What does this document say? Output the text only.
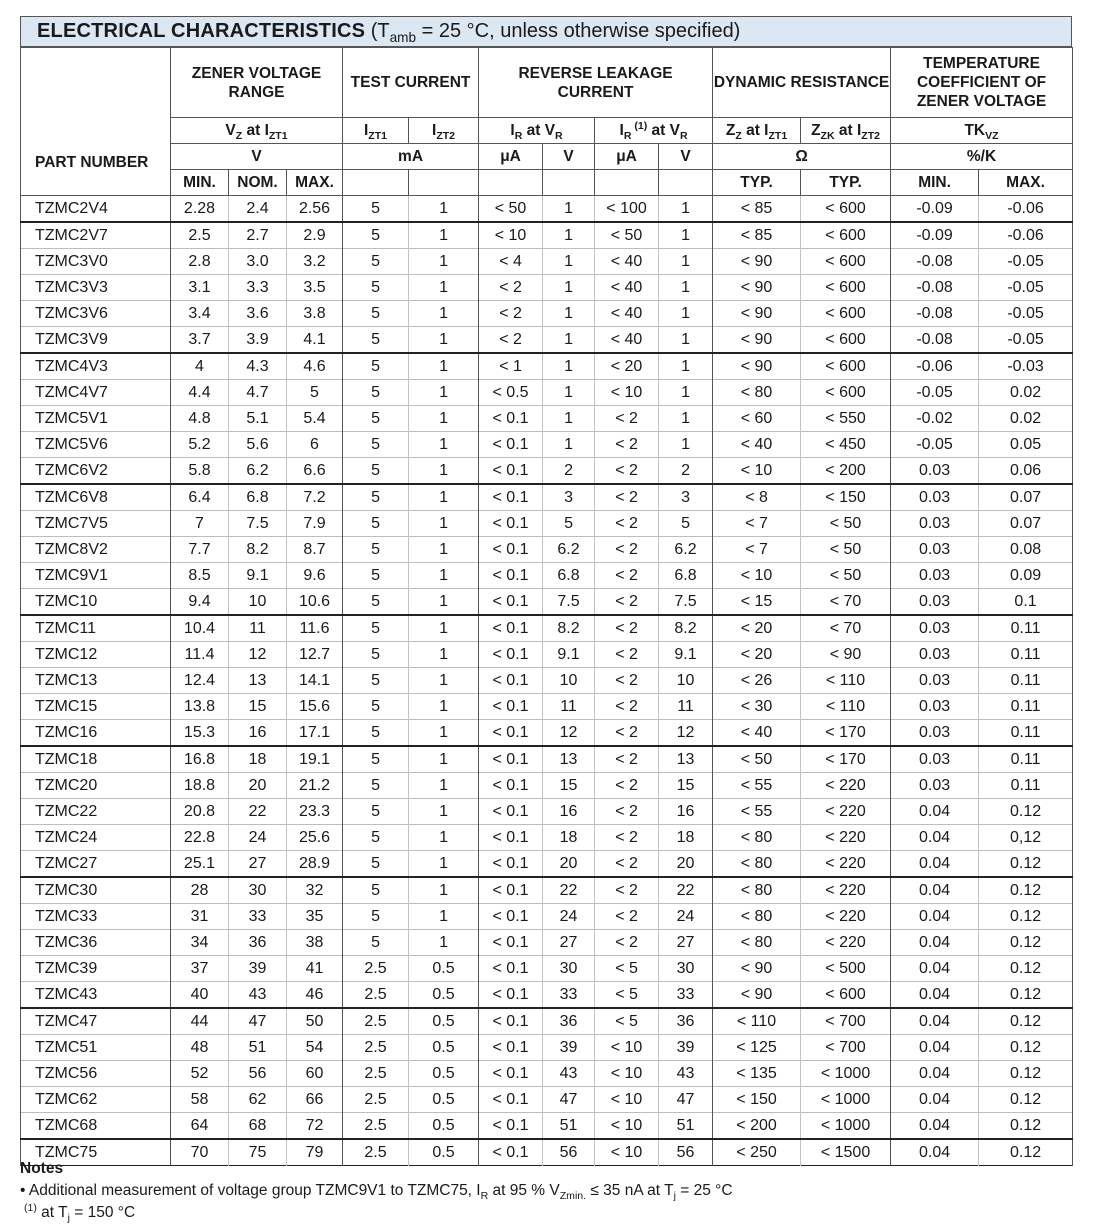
ELECTRICAL CHARACTERISTICS ($T_{amb} = 25$ °C, unless otherwise specified)
PART NUMBER	ZENER VOLTAGE RANGE			TEST CURRENT		REVERSE LEAKAGE CURRENT				DYNAMIC RESISTANCE		TEMPERATURE COEFFICIENT OF ZENER VOLTAGE	
	$V_Z$ at $I_{ZT1}$			$I_{ZT1}$	$I_{ZT2}$	$I_R$ at $V_R$		$I_R$ $^{(1)}$ at $V_R$		$Z_Z$ at $I_{ZT1}$	$Z_{ZK}$ at $I_{ZT2}$	$TK_{VZ}$
	V			mA		μA	V	μA	V	Ω		%/K	
	MIN.	NOM.	MAX.							TYP.	TYP.	MIN.	MAX.
TZMC2V4	2.28	2.4	2.56	5	1	< 50	1	< 100	1	< 85	< 600	-0.09	-0.06
TZMC2V7	2.5	2.7	2.9	5	1	< 10	1	< 50	1	< 85	< 600	-0.09	-0.06
TZMC3V0	2.8	3.0	3.2	5	1	< 4	1	< 40	1	< 90	< 600	-0.08	-0.05
TZMC3V3	3.1	3.3	3.5	5	1	< 2	1	< 40	1	< 90	< 600	-0.08	-0.05
TZMC3V6	3.4	3.6	3.8	5	1	< 2	1	< 40	1	< 90	< 600	-0.08	-0.05
TZMC3V9	3.7	3.9	4.1	5	1	< 2	1	< 40	1	< 90	< 600	-0.08	-0.05
TZMC4V3	4	4.3	4.6	5	1	< 1	1	< 20	1	< 90	< 600	-0.06	-0.03
TZMC4V7	4.4	4.7	5	5	1	< 0.5	1	< 10	1	< 80	< 600	-0.05	0.02
TZMC5V1	4.8	5.1	5.4	5	1	< 0.1	1	< 2	1	< 60	< 550	-0.02	0.02
TZMC5V6	5.2	5.6	6	5	1	< 0.1	1	< 2	1	< 40	< 450	-0.05	0.05
TZMC6V2	5.8	6.2	6.6	5	1	< 0.1	2	< 2	2	< 10	< 200	0.03	0.06
TZMC6V8	6.4	6.8	7.2	5	1	< 0.1	3	< 2	3	< 8	< 150	0.03	0.07
TZMC7V5	7	7.5	7.9	5	1	< 0.1	5	< 2	5	< 7	< 50	0.03	0.07
TZMC8V2	7.7	8.2	8.7	5	1	< 0.1	6.2	< 2	6.2	< 7	< 50	0.03	0.08
TZMC9V1	8.5	9.1	9.6	5	1	< 0.1	6.8	< 2	6.8	< 10	< 50	0.03	0.09
TZMC10	9.4	10	10.6	5	1	< 0.1	7.5	< 2	7.5	< 15	< 70	0.03	0.1
TZMC11	10.4	11	11.6	5	1	< 0.1	8.2	< 2	8.2	< 20	< 70	0.03	0.11
TZMC12	11.4	12	12.7	5	1	< 0.1	9.1	< 2	9.1	< 20	< 90	0.03	0.11
TZMC13	12.4	13	14.1	5	1	< 0.1	10	< 2	10	< 26	< 110	0.03	0.11
TZMC15	13.8	15	15.6	5	1	< 0.1	11	< 2	11	< 30	< 110	0.03	0.11
TZMC16	15.3	16	17.1	5	1	< 0.1	12	< 2	12	< 40	< 170	0.03	0.11
TZMC18	16.8	18	19.1	5	1	< 0.1	13	< 2	13	< 50	< 170	0.03	0.11
TZMC20	18.8	20	21.2	5	1	< 0.1	15	< 2	15	< 55	< 220	0.03	0.11
TZMC22	20.8	22	23.3	5	1	< 0.1	16	< 2	16	< 55	< 220	0.04	0.12
TZMC24	22.8	24	25.6	5	1	< 0.1	18	< 2	18	< 80	< 220	0.04	0,12
TZMC27	25.1	27	28.9	5	1	< 0.1	20	< 2	20	< 80	< 220	0.04	0.12
TZMC30	28	30	32	5	1	< 0.1	22	< 2	22	< 80	< 220	0.04	0.12
TZMC33	31	33	35	5	1	< 0.1	24	< 2	24	< 80	< 220	0.04	0.12
TZMC36	34	36	38	5	1	< 0.1	27	< 2	27	< 80	< 220	0.04	0.12
TZMC39	37	39	41	2.5	0.5	< 0.1	30	< 5	30	< 90	< 500	0.04	0.12
TZMC43	40	43	46	2.5	0.5	< 0.1	33	< 5	33	< 90	< 600	0.04	0.12
TZMC47	44	47	50	2.5	0.5	< 0.1	36	< 5	36	< 110	< 700	0.04	0.12
TZMC51	48	51	54	2.5	0.5	< 0.1	39	< 10	39	< 125	< 700	0.04	0.12
TZMC56	52	56	60	2.5	0.5	< 0.1	43	< 10	43	< 135	< 1000	0.04	0.12
TZMC62	58	62	66	2.5	0.5	< 0.1	47	< 10	47	< 150	< 1000	0.04	0.12
TZMC68	64	68	72	2.5	0.5	< 0.1	51	< 10	51	< 200	< 1000	0.04	0.12
TZMC75	70	75	79	2.5	0.5	< 0.1	56	< 10	56	< 250	< 1500	0.04	0.12
Notes
• Additional measurement of voltage group TZMC9V1 to TZMC75, $I_R$ at 95 % $V_{Zmin.} \le 35$ nA at $T_j = 25$ °C
$^{(1)}$ at $T_j = 150$ °C
